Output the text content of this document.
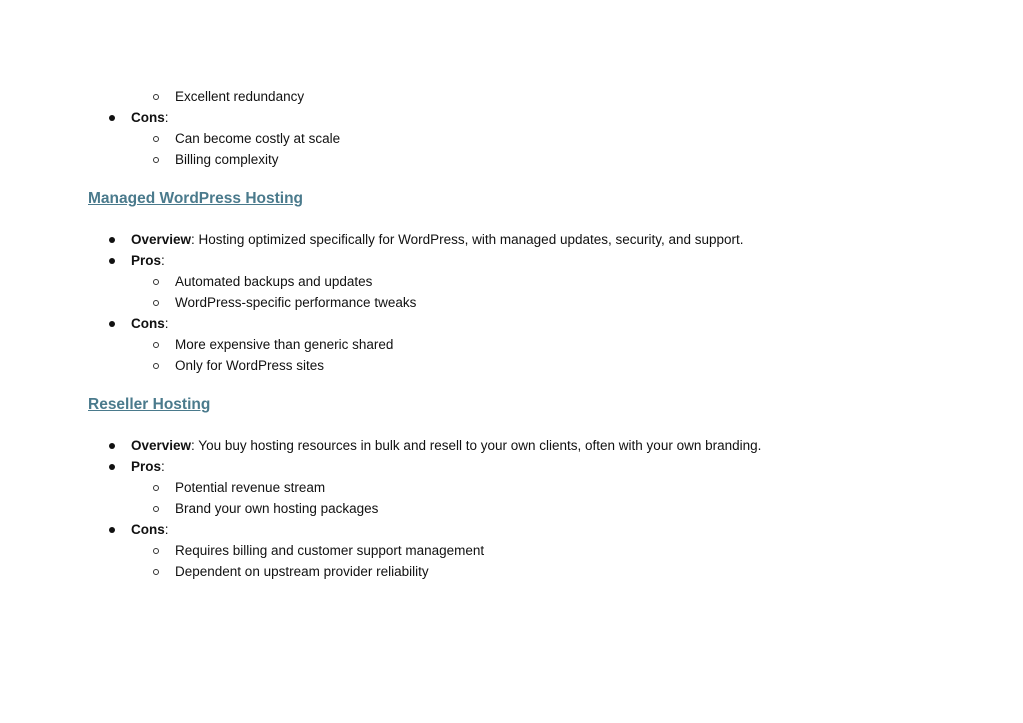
Excellent redundancy
Cons:
Can become costly at scale
Billing complexity
Managed WordPress Hosting
Overview: Hosting optimized specifically for WordPress, with managed updates, security, and support.
Pros:
Automated backups and updates
WordPress-specific performance tweaks
Cons:
More expensive than generic shared
Only for WordPress sites
Reseller Hosting
Overview: You buy hosting resources in bulk and resell to your own clients, often with your own branding.
Pros:
Potential revenue stream
Brand your own hosting packages
Cons:
Requires billing and customer support management
Dependent on upstream provider reliability
